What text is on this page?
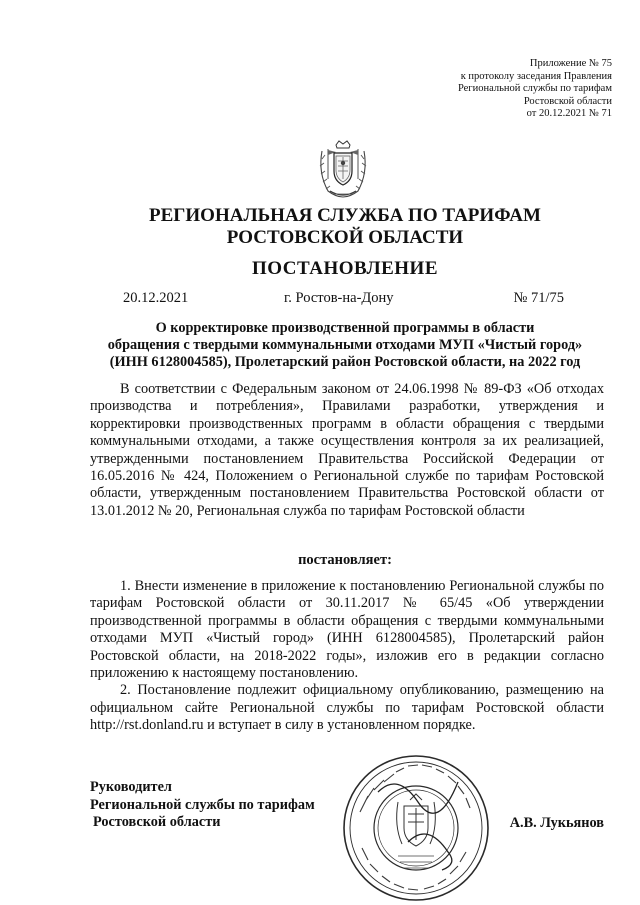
Приложение № 75
к протоколу заседания Правления
Региональной службы по тарифам
Ростовской области
от 20.12.2021 № 71
РЕГИОНАЛЬНАЯ СЛУЖБА ПО ТАРИФАМ
РОСТОВСКОЙ ОБЛАСТИ
ПОСТАНОВЛЕНИЕ
20.12.2021	г. Ростов-на-Дону	№ 71/75
О корректировке производственной программы в области
обращения с твердыми коммунальными отходами МУП «Чистый город»
(ИНН 6128004585), Пролетарский район Ростовской области, на 2022 год

В соответствии с Федеральным законом от 24.06.1998 № 89-ФЗ «Об отходах производства и потребления», Правилами разработки, утверждения и корректировки производственных программ в области обращения с твердыми коммунальными отходами, а также осуществления контроля за их реализацией, утвержденными постановлением Правительства Российской Федерации от 16.05.2016 № 424, Положением о Региональной службе по тарифам Ростовской области, утвержденным постановлением Правительства Ростовской области от 13.01.2012 № 20, Региональная служба по тарифам Ростовской области

постановляет:

1. Внести изменение в приложение к постановлению Региональной службы по тарифам Ростовской области от 30.11.2017 № 65/45 «Об утверждении производственной программы в области обращения с твердыми коммунальными отходами МУП «Чистый город» (ИНН 6128004585), Пролетарский район Ростовской области, на 2018-2022 годы», изложив его в редакции согласно приложению к настоящему постановлению.

2. Постановление подлежит официальному опубликованию, размещению на официальном сайте Региональной службы по тарифам Ростовской области http://rst.donland.ru и вступает в силу в установленном порядке.

Руководител
Региональной службы по тарифам
Ростовской области	А.В. Лукьянов
